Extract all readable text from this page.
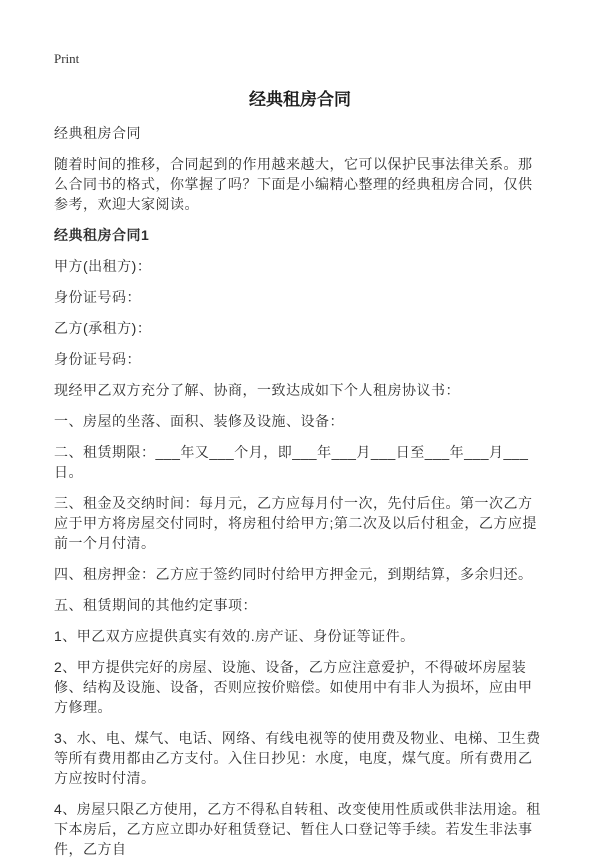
Print
经典租房合同

经典租房合同

随着时间的推移，合同起到的作用越来越大，它可以保护民事法律关系。那么合同书的格式，你掌握了吗？下面是小编精心整理的经典租房合同，仅供参考，欢迎大家阅读。

经典租房合同1

甲方(出租方)：

身份证号码：

乙方(承租方)：

身份证号码：

现经甲乙双方充分了解、协商，一致达成如下个人租房协议书：

一、房屋的坐落、面积、装修及设施、设备：

二、租赁期限：___年又___个月，即___年___月___日至___年___月___日。

三、租金及交纳时间：每月元，乙方应每月付一次，先付后住。第一次乙方应于甲方将房屋交付同时，将房租付给甲方;第二次及以后付租金，乙方应提前一个月付清。

四、租房押金：乙方应于签约同时付给甲方押金元，到期结算，多余归还。

五、租赁期间的其他约定事项：

1、甲乙双方应提供真实有效的.房产证、身份证等证件。

2、甲方提供完好的房屋、设施、设备，乙方应注意爱护，不得破坏房屋装修、结构及设施、设备，否则应按价赔偿。如使用中有非人为损坏，应由甲方修理。

3、水、电、煤气、电话、网络、有线电视等的使用费及物业、电梯、卫生费等所有费用都由乙方支付。入住日抄见：水度，电度，煤气度。所有费用乙方应按时付清。

4、房屋只限乙方使用，乙方不得私自转租、改变使用性质或供非法用途。租下本房后，乙方应立即办好租赁登记、暂住人口登记等手续。若发生非法事件，乙方自
